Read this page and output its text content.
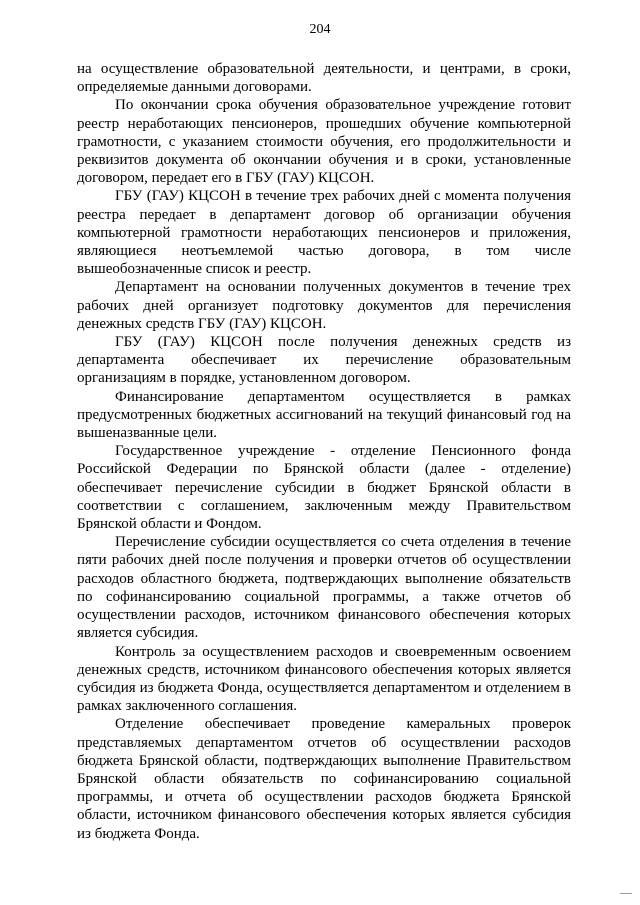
204

на осуществление образовательной деятельности, и центрами, в сроки, определяемые данными договорами.

По окончании срока обучения образовательное учреждение готовит реестр неработающих пенсионеров, прошедших обучение компьютерной грамотности, с указанием стоимости обучения, его продолжительности и реквизитов документа об окончании обучения и в сроки, установленные договором, передает его в ГБУ (ГАУ) КЦСОН.

ГБУ (ГАУ) КЦСОН в течение трех рабочих дней с момента получения реестра передает в департамент договор об организации обучения компьютерной грамотности неработающих пенсионеров и приложения, являющиеся неотъемлемой частью договора, в том числе вышеобозначенные список и реестр.

Департамент на основании полученных документов в течение трех рабочих дней организует подготовку документов для перечисления денежных средств ГБУ (ГАУ) КЦСОН.

ГБУ (ГАУ) КЦСОН после получения денежных средств из департамента обеспечивает их перечисление образовательным организациям в порядке, установленном договором.

Финансирование департаментом осуществляется в рамках предусмотренных бюджетных ассигнований на текущий финансовый год на вышеназванные цели.

Государственное учреждение - отделение Пенсионного фонда Российской Федерации по Брянской области (далее - отделение) обеспечивает перечисление субсидии в бюджет Брянской области в соответствии с соглашением, заключенным между Правительством Брянской области и Фондом.

Перечисление субсидии осуществляется со счета отделения в течение пяти рабочих дней после получения и проверки отчетов об осуществлении расходов областного бюджета, подтверждающих выполнение обязательств по софинансированию социальной программы, а также отчетов об осуществлении расходов, источником финансового обеспечения которых является субсидия.

Контроль за осуществлением расходов и своевременным освоением денежных средств, источником финансового обеспечения которых является субсидия из бюджета Фонда, осуществляется департаментом и отделением в рамках заключенного соглашения.

Отделение обеспечивает проведение камеральных проверок представляемых департаментом отчетов об осуществлении расходов бюджета Брянской области, подтверждающих выполнение Правительством Брянской области обязательств по софинансированию социальной программы, и отчета об осуществлении расходов бюджета Брянской области, источником финансового обеспечения которых является субсидия из бюджета Фонда.
